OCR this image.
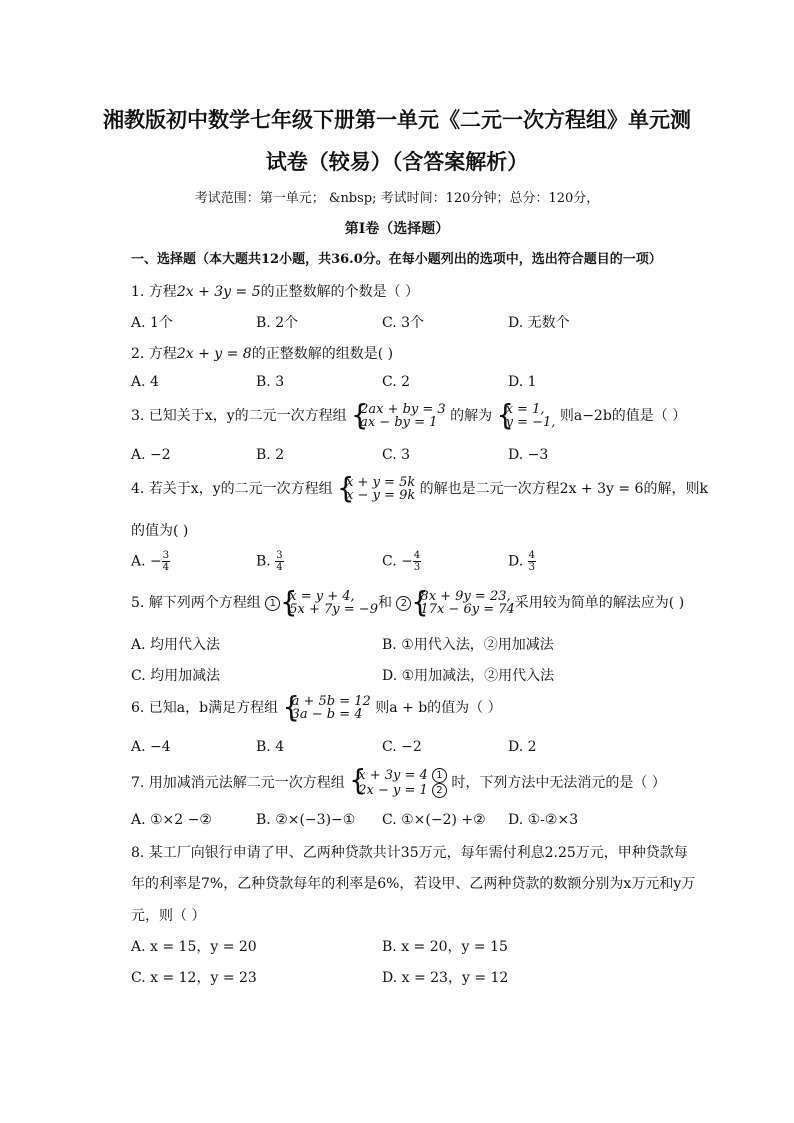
湘教版初中数学七年级下册第一单元《二元一次方程组》单元测
试卷（较易）（含答案解析）
考试范围：第一单元； &nbsp; 考试时间：120分钟；总分：120分，
第I卷（选择题）
一、选择题（本大题共12小题，共36.0分。在每小题列出的选项中，选出符合题目的一项）
1. 方程2x + 3y = 5的正整数解的个数是（ ）
A. 1个	B. 2个	C. 3个	D. 无数个
2. 方程2x + y = 8的正整数解的组数是( )
A. 4	B. 3	C. 2	D. 1
3. 已知关于x，y的二元一次方程组 {
2ax + by = 3
ax − by = 1 的解为 {
x = 1,
y = −1, 则a−2b的值是（ ）
A. −2	B. 2	C. 3	D. −3
4. 若关于x，y的二元一次方程组 {
x + y = 5k
x − y = 9k 的解也是二元一次方程2x + 3y = 6的解，则k
的值为( )
A. − $\frac{3}{4}$	B. $\frac{3}{4}$	C. − $\frac{4}{3}$	D. $\frac{4}{3}$
5. 解下列两个方程组 1 {
x = y + 4,
5x + 7y = −9 和 2 {
8x + 9y = 23,
17x − 6y = 74 采用较为简单的解法应为( )
A. 均用代入法	B. ①用代入法，②用加减法
C. 均用加减法	D. ①用加减法，②用代入法
6. 已知a，b满足方程组 {
a + 5b = 12
3a − b = 4 则a + b的值为（ ）
A. −4	B. 4	C. −2	D. 2
7. 用加减消元法解二元一次方程组 {
x + 3y = 4 1
2x − y = 1 2 时，下列方法中无法消元的是（ ）
A. ①×2 −②	B. ②×(−3)−① C. ①×(−2) +② D. ①-②×3
8. 某工厂向银行申请了甲、乙两种贷款共计35万元，每年需付利息2.25万元，甲种贷款每
年的利率是7%，乙种贷款每年的利率是6%，若设甲、乙两种贷款的数额分别为x万元和y万
元，则（ ）
A. x = 15，y = 20	B. x = 20，y = 15
C. x = 12，y = 23	D. x = 23，y = 12
